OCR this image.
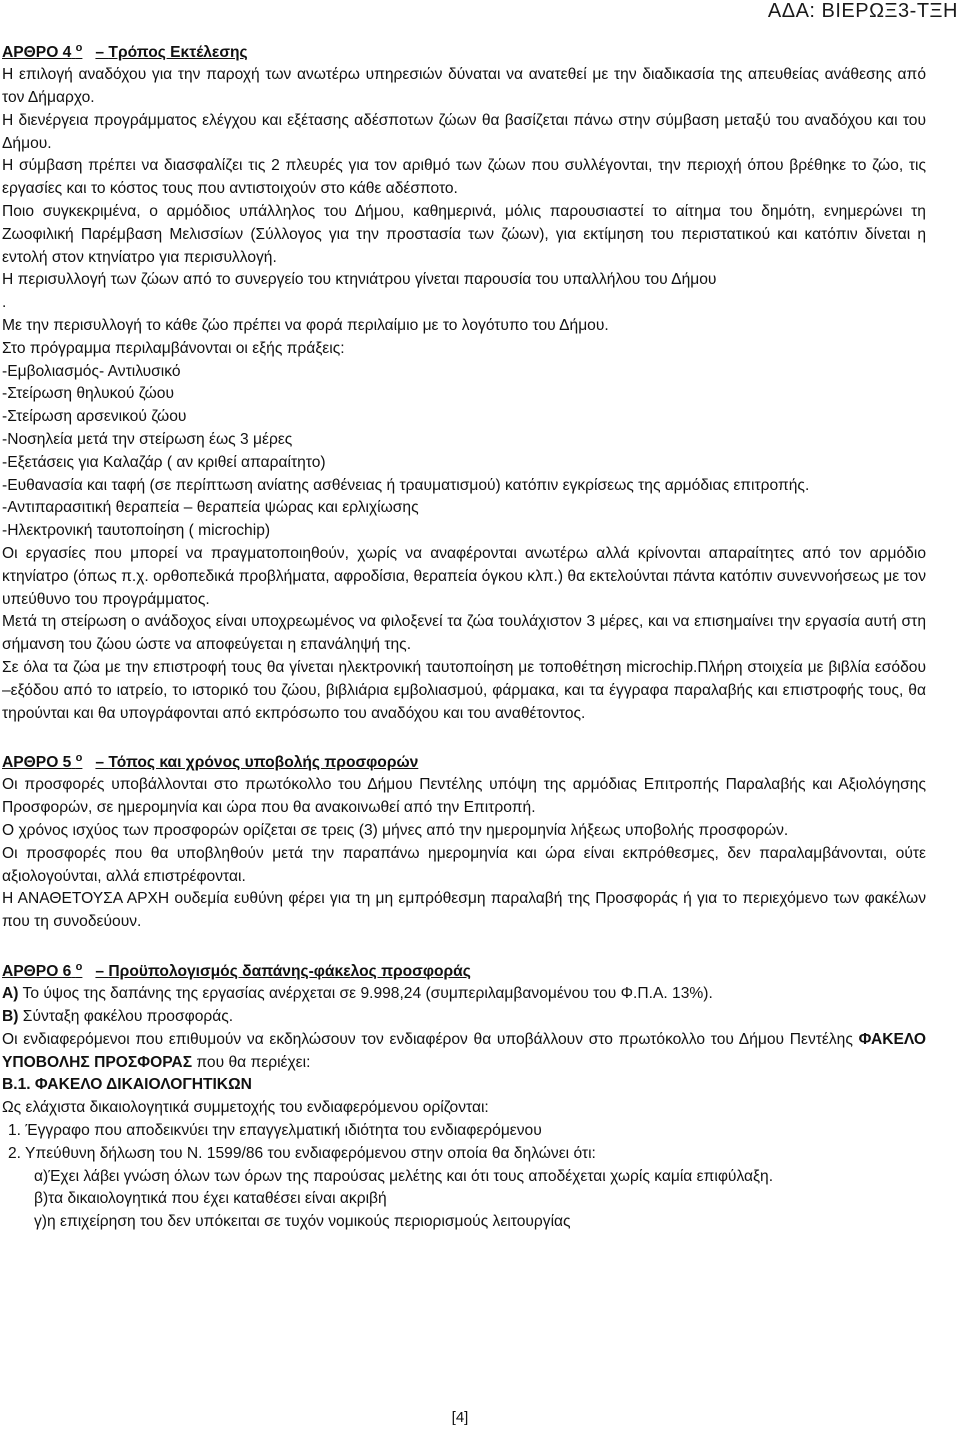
ΑΔΑ: ΒΙΕΡΩΞ3-ΤΞΗ
ΑΡΘΡΟ 4 $^o$ – Τρόπος Εκτέλεσης

Η επιλογή αναδόχου για την παροχή των ανωτέρω υπηρεσιών δύναται να ανατεθεί με την διαδικασία της απευθείας ανάθεσης από τον Δήμαρχο.

Η διενέργεια προγράμματος ελέγχου και εξέτασης αδέσποτων ζώων θα βασίζεται πάνω στην σύμβαση μεταξύ του αναδόχου και του Δήμου.

Η σύμβαση πρέπει να διασφαλίζει τις 2 πλευρές για τον αριθμό των ζώων που συλλέγονται, την περιοχή όπου βρέθηκε το ζώο, τις εργασίες και το κόστος τους που αντιστοιχούν στο κάθε αδέσποτο.

Ποιο συγκεκριμένα, ο αρμόδιος υπάλληλος του Δήμου, καθημερινά, μόλις παρουσιαστεί το αίτημα του δημότη, ενημερώνει τη Ζωοφιλική Παρέμβαση Μελισσίων (Σύλλογος για την προστασία των ζώων), για εκτίμηση του περιστατικού και κατόπιν δίνεται η εντολή στον κτηνίατρο για περισυλλογή.

Η περισυλλογή των ζώων από το συνεργείο του κτηνιάτρου γίνεται παρουσία του υπαλλήλου του Δήμου

.

Με την περισυλλογή το κάθε ζώο πρέπει να φορά περιλαίμιο με το λογότυπο του Δήμου.

Στο πρόγραμμα περιλαμβάνονται οι εξής πράξεις:

-Εμβολιασμός- Αντιλυσικό

-Στείρωση θηλυκού ζώου

-Στείρωση αρσενικού ζώου

-Νοσηλεία μετά την στείρωση έως 3 μέρες

-Εξετάσεις για Καλαζάρ ( αν κριθεί απαραίτητο)

-Ευθανασία και ταφή (σε περίπτωση ανίατης ασθένειας ή τραυματισμού) κατόπιν εγκρίσεως της αρμόδιας επιτροπής.

-Αντιπαρασιτική θεραπεία – θεραπεία ψώρας και ερλιχίωσης

-Ηλεκτρονική ταυτοποίηση ( microchip)

Οι εργασίες που μπορεί να πραγματοποιηθούν, χωρίς να αναφέρονται ανωτέρω αλλά κρίνονται απαραίτητες από τον αρμόδιο κτηνίατρο (όπως π.χ. ορθοπεδικά προβλήματα, αφροδίσια, θεραπεία όγκου κλπ.) θα εκτελούνται πάντα κατόπιν συνεννοήσεως με τον υπεύθυνο του προγράμματος.

Μετά τη στείρωση ο ανάδοχος είναι υποχρεωμένος να φιλοξενεί τα ζώα τουλάχιστον 3 μέρες, και να επισημαίνει την εργασία αυτή στη σήμανση του ζώου ώστε να αποφεύγεται η επανάληψή της.

Σε όλα τα ζώα με την επιστροφή τους θα γίνεται ηλεκτρονική ταυτοποίηση με τοποθέτηση microchip.Πλήρη στοιχεία με βιβλία εσόδου –εξόδου από το ιατρείο, το ιστορικό του ζώου, βιβλιάρια εμβολιασμού, φάρμακα, και τα έγγραφα παραλαβής και επιστροφής τους, θα τηρούνται και θα υπογράφονται από εκπρόσωπο του αναδόχου και του αναθέτοντος.

ΑΡΘΡΟ 5 $^o$ – Τόπος και χρόνος υποβολής προσφορών

Οι προσφορές υποβάλλονται στο πρωτόκολλο του Δήμου Πεντέλης υπόψη της αρμόδιας Επιτροπής Παραλαβής και Αξιολόγησης Προσφορών, σε ημερομηνία και ώρα που θα ανακοινωθεί από την Επιτροπή.

Ο χρόνος ισχύος των προσφορών ορίζεται σε τρεις (3) μήνες από την ημερομηνία λήξεως υποβολής προσφορών.

Οι προσφορές που θα υποβληθούν μετά την παραπάνω ημερομηνία και ώρα είναι εκπρόθεσμες, δεν παραλαμβάνονται, ούτε αξιολογούνται, αλλά επιστρέφονται.

Η ΑΝΑΘΕΤΟΥΣΑ ΑΡΧΗ ουδεμία ευθύνη φέρει για τη μη εμπρόθεσμη παραλαβή της Προσφοράς ή για το περιεχόμενο των φακέλων που τη συνοδεύουν.

ΑΡΘΡΟ 6 $^o$ – Προϋπολογισμός δαπάνης-φάκελος προσφοράς

Α) Το ύψος της δαπάνης της εργασίας ανέρχεται σε 9.998,24 (συμπεριλαμβανομένου του Φ.Π.Α. 13%).

Β) Σύνταξη φακέλου προσφοράς.

Οι ενδιαφερόμενοι που επιθυμούν να εκδηλώσουν τον ενδιαφέρον θα υποβάλλουν στο πρωτόκολλο του Δήμου Πεντέλης ΦΑΚΕΛΟ ΥΠΟΒΟΛΗΣ ΠΡΟΣΦΟΡΑΣ που θα περιέχει:

Β.1. ΦΑΚΕΛΟ ΔΙΚΑΙΟΛΟΓΗΤΙΚΩΝ

Ως ελάχιστα δικαιολογητικά συμμετοχής του ενδιαφερόμενου ορίζονται:

1. Έγγραφο που αποδεικνύει την επαγγελματική ιδιότητα του ενδιαφερόμενου

2. Υπεύθυνη δήλωση του Ν. 1599/86 του ενδιαφερόμενου στην οποία θα δηλώνει ότι:

α)Έχει λάβει γνώση όλων των όρων της παρούσας μελέτης και ότι τους αποδέχεται χωρίς καμία επιφύλαξη.

β)τα δικαιολογητικά που έχει καταθέσει είναι ακριβή

γ)η επιχείρηση του δεν υπόκειται σε τυχόν νομικούς περιορισμούς λειτουργίας

[4]
